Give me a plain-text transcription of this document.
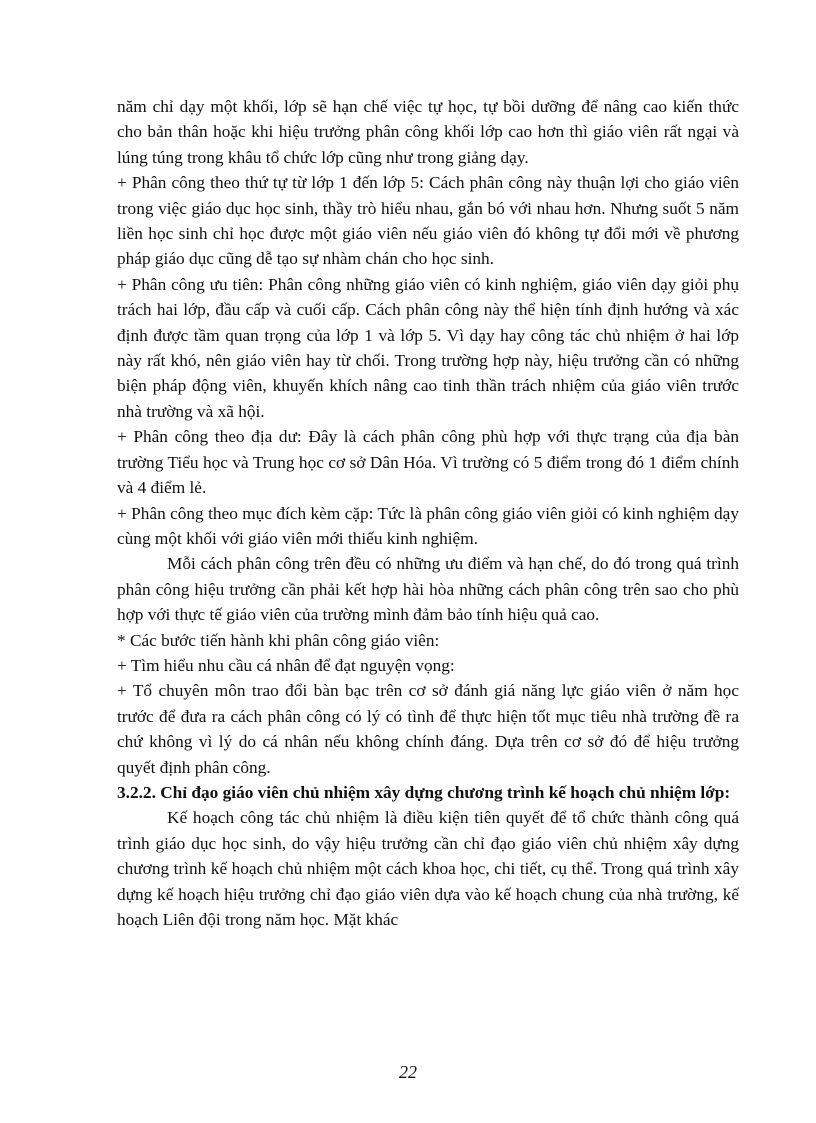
năm chỉ dạy một khối, lớp sẽ hạn chế việc tự học, tự bồi dưỡng để nâng cao kiến thức cho bản thân hoặc khi hiệu trưởng phân công khối lớp cao hơn thì giáo viên rất ngại và lúng túng trong khâu tổ chức lớp cũng như trong giảng dạy.

+ Phân công theo thứ tự từ lớp 1 đến lớp 5: Cách phân công này thuận lợi cho giáo viên trong việc giáo dục học sinh, thầy trò hiểu nhau, gắn bó với nhau hơn. Nhưng suốt 5 năm liền học sinh chỉ học được một giáo viên nếu giáo viên đó không tự đổi mới về phương pháp giáo dục cũng dễ tạo sự nhàm chán cho học sinh.

+ Phân công ưu tiên: Phân công những giáo viên có kinh nghiệm, giáo viên dạy giỏi phụ trách hai lớp, đầu cấp và cuối cấp. Cách phân công này thể hiện tính định hướng và xác định được tầm quan trọng của lớp 1 và lớp 5. Vì dạy hay công tác chủ nhiệm ở hai lớp này rất khó, nên giáo viên hay từ chối. Trong trường hợp này, hiệu trưởng cần có những biện pháp động viên, khuyến khích nâng cao tinh thần trách nhiệm của giáo viên trước nhà trường và xã hội.

+ Phân công theo địa dư: Đây là cách phân công phù hợp với thực trạng của địa bàn trường Tiểu học và Trung học cơ sở Dân Hóa. Vì trường có 5 điểm trong đó 1 điểm chính và 4 điểm lẻ.

+ Phân công theo mục đích kèm cặp: Tức là phân công giáo viên giỏi có kinh nghiệm dạy cùng một khối với giáo viên mới thiếu kinh nghiệm.

Mỗi cách phân công trên đều có những ưu điểm và hạn chế, do đó trong quá trình phân công hiệu trưởng cần phải kết hợp hài hòa những cách phân công trên sao cho phù hợp với thực tế giáo viên của trường mình đảm bảo tính hiệu quả cao.

* Các bước tiến hành khi phân công giáo viên:

+ Tìm hiểu nhu cầu cá nhân để đạt nguyện vọng:

+ Tổ chuyên môn trao đổi bàn bạc trên cơ sở đánh giá năng lực giáo viên ở năm học trước để đưa ra cách phân công có lý có tình để thực hiện tốt mục tiêu nhà trường đề ra chứ không vì lý do cá nhân nếu không chính đáng. Dựa trên cơ sở đó để hiệu trưởng quyết định phân công.

3.2.2. Chỉ đạo giáo viên chủ nhiệm xây dựng chương trình kế hoạch chủ nhiệm lớp:

Kế hoạch công tác chủ nhiệm là điều kiện tiên quyết để tổ chức thành công quá trình giáo dục học sinh, do vậy hiệu trưởng cần chỉ đạo giáo viên chủ nhiệm xây dựng chương trình kế hoạch chủ nhiệm một cách khoa học, chi tiết, cụ thể. Trong quá trình xây dựng kế hoạch hiệu trưởng chỉ đạo giáo viên dựa vào kế hoạch chung của nhà trường, kế hoạch Liên đội trong năm học. Mặt khác

22
